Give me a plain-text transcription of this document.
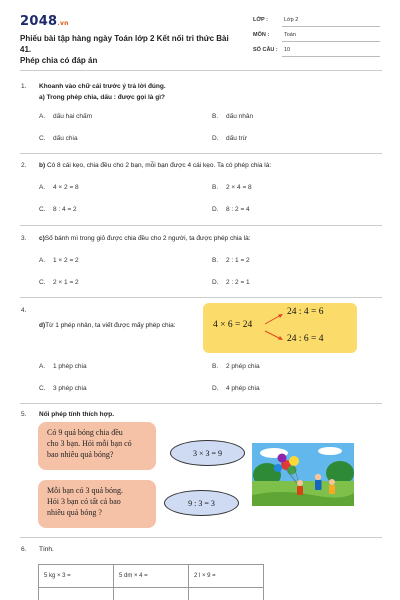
2048.vn
Phiếu bài tập hàng ngày Toán lớp 2 Kết nối tri thức Bài 41.
Phép chia có đáp án
LỚP :	Lớp 2
MÔN :	Toán
SỐ CÂU : 10
1. Khoanh vào chữ cái trước ý trả lời đúng.
a) Trong phép chia, dấu : được gọi là gì?
A. dấu hai chấm	B. dấu nhân
C. dấu chia	D. dấu trừ
2. b) Có 8 cái kẹo, chia đều cho 2 bạn, mỗi bạn được 4 cái kẹo. Ta có phép chia là:
A. 4 × 2 = 8	B. 2 × 4 = 8
C. 8 : 4 = 2	D. 8 : 2 = 4
3. c)Số bánh mì trong giỏ được chia đều cho 2 người, ta được phép chia là:
A. 1 × 2 = 2	B. 2 : 1 = 2
C. 2 × 1 = 2	D. 2 : 2 = 1
4.
d)Từ 1 phép nhân, ta viết được mấy phép chia:	4 × 6 = 24
24 : 4 = 6
24 : 6 = 4
A. 1 phép chia	B. 2 phép chia
C. 3 phép chia	D. 4 phép chia
5. Nối phép tính thích hợp.
Có 9 quả bóng chia đều
cho 3 bạn. Hỏi mỗi bạn có
bao nhiêu quả bóng?
Mỗi bạn có 3 quả bóng.
Hỏi 3 bạn có tất cả bao
nhiêu quả bóng ?
3 × 3 = 9
9 : 3 = 3
6. Tính.
5 kg × 3 =	5 dm × 4 =	2 l × 9 =
